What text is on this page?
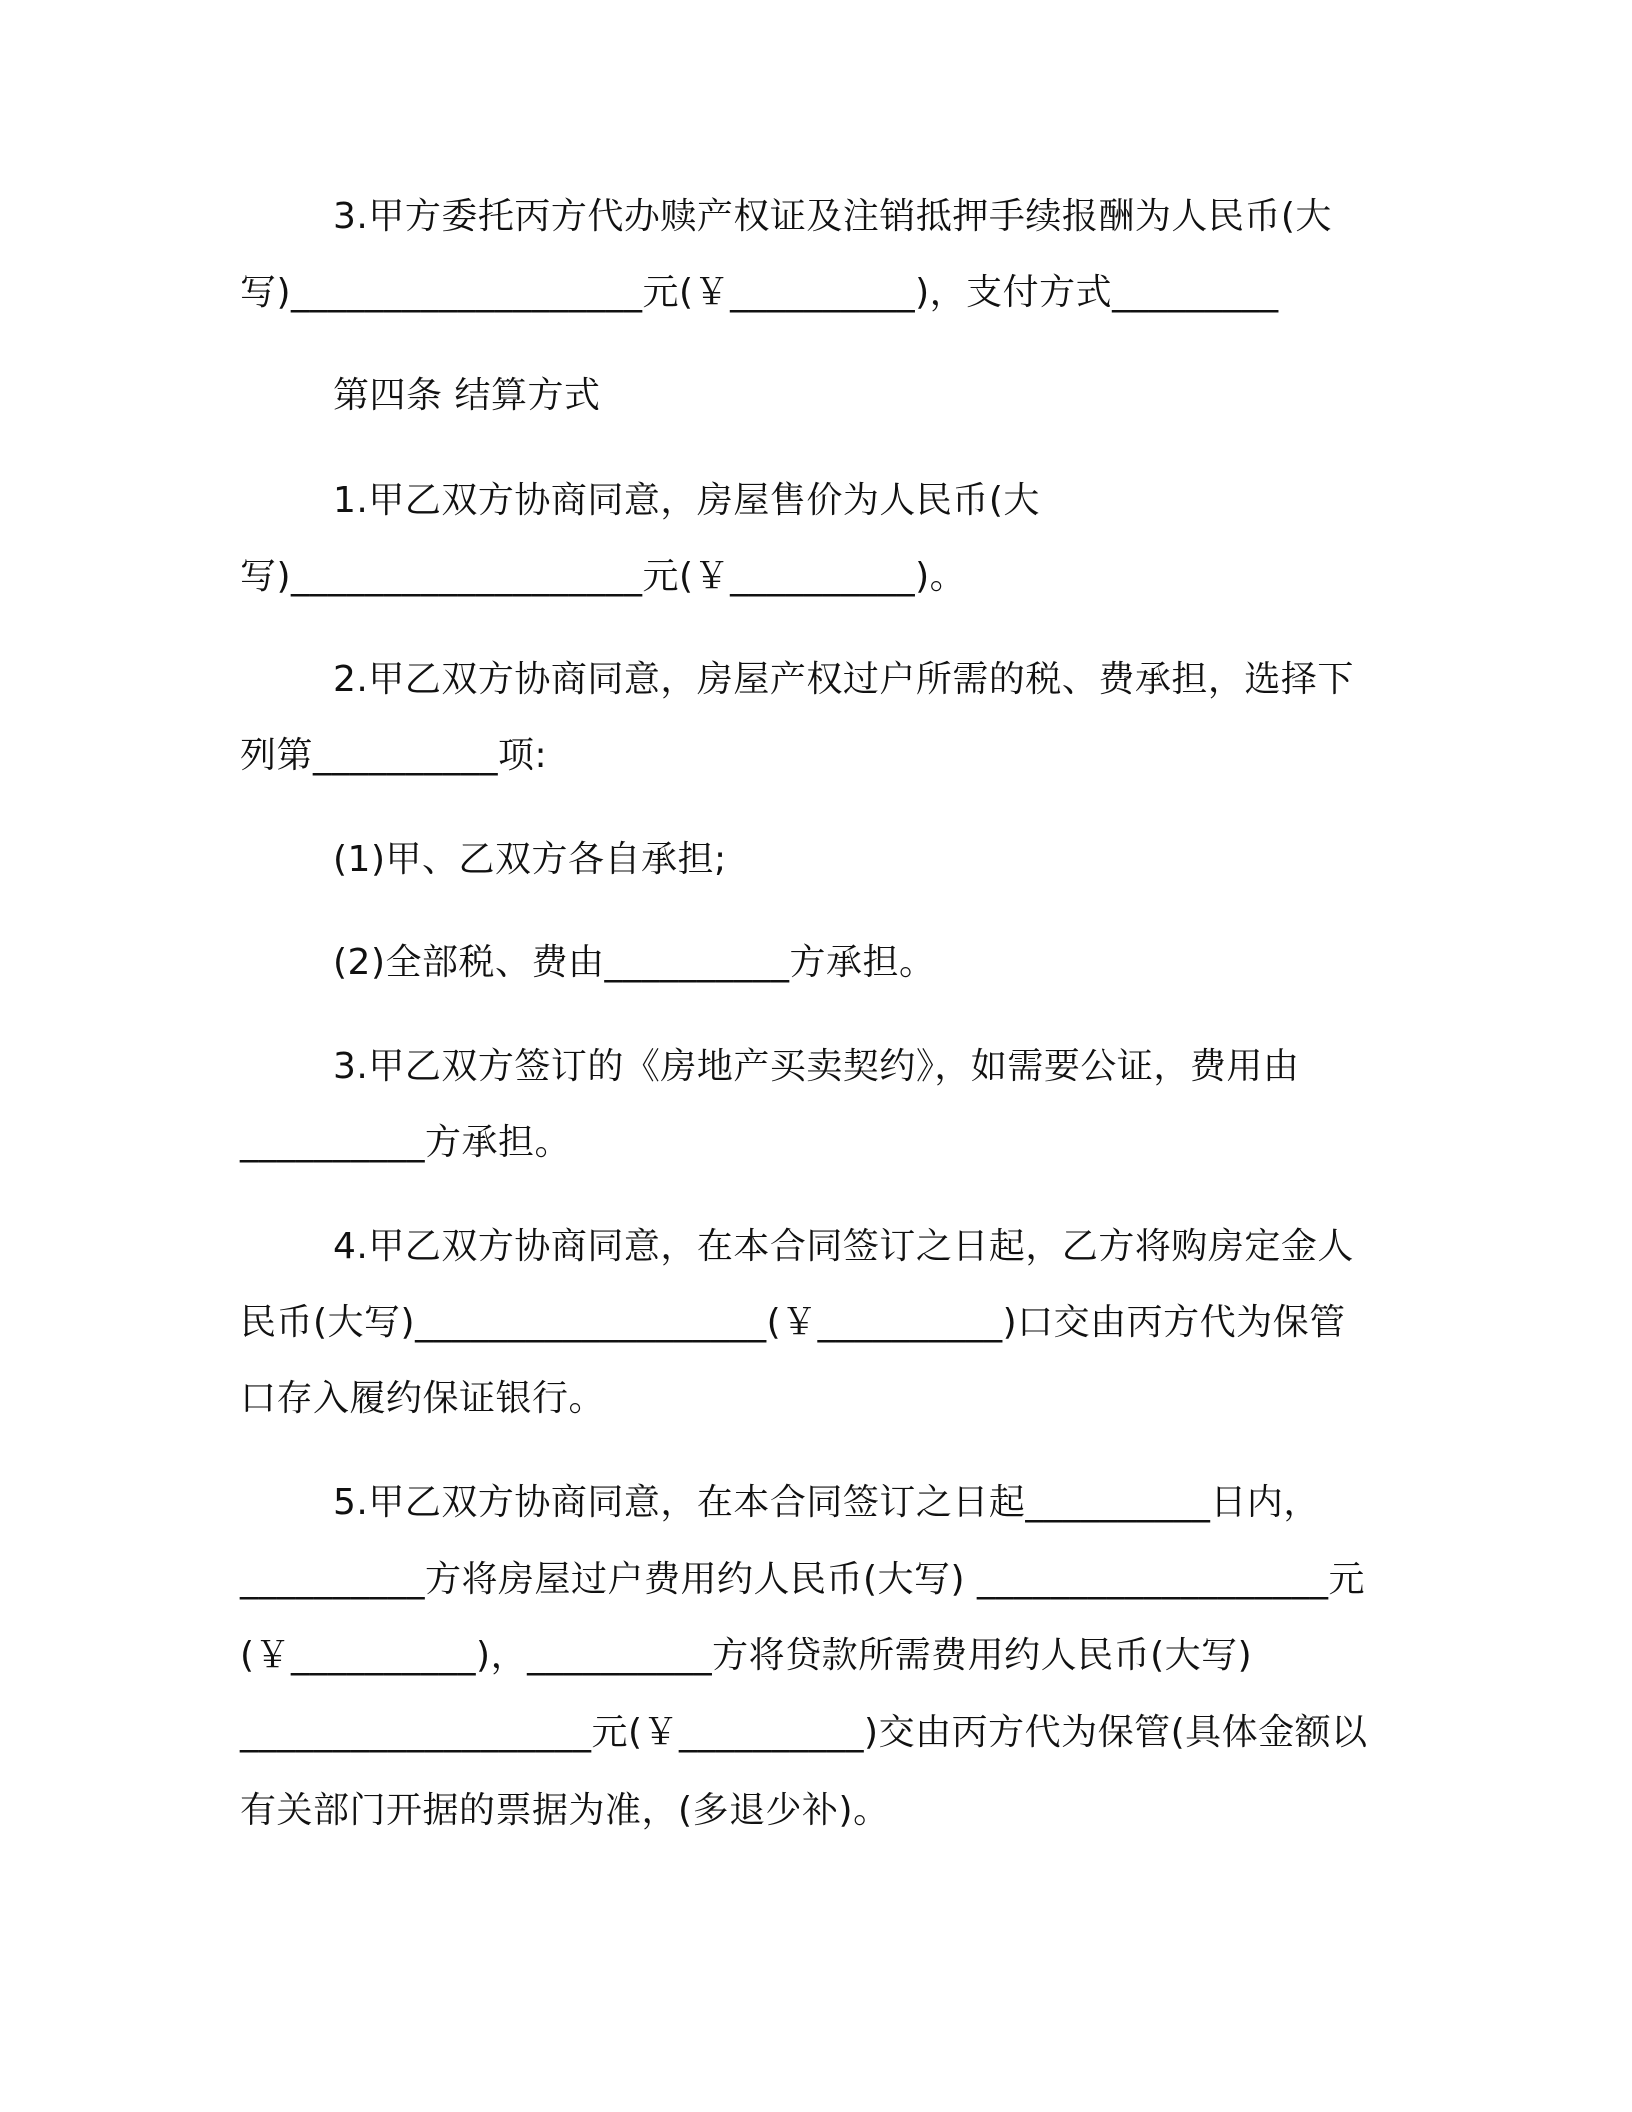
3.甲方委托丙方代办赎产权证及注销抵押手续报酬为人民币(大
写)___________________元(￥__________)，支付方式_________
第四条 结算方式
1.甲乙双方协商同意，房屋售价为人民币(大
写)___________________元(￥__________)。
2.甲乙双方协商同意，房屋产权过户所需的税、费承担，选择下
列第__________项:
(1)甲、乙双方各自承担;
(2)全部税、费由__________方承担。
3.甲乙双方签订的《房地产买卖契约》，如需要公证，费用由
__________方承担。
4.甲乙双方协商同意，在本合同签订之日起，乙方将购房定金人
民币(大写)___________________(￥__________)口交由丙方代为保管
口存入履约保证银行。
5.甲乙双方协商同意，在本合同签订之日起__________日内，
__________方将房屋过户费用约人民币(大写) ___________________元
(￥__________)，__________方将贷款所需费用约人民币(大写)
___________________元(￥__________)交由丙方代为保管(具体金额以
有关部门开据的票据为准，(多退少补)。
